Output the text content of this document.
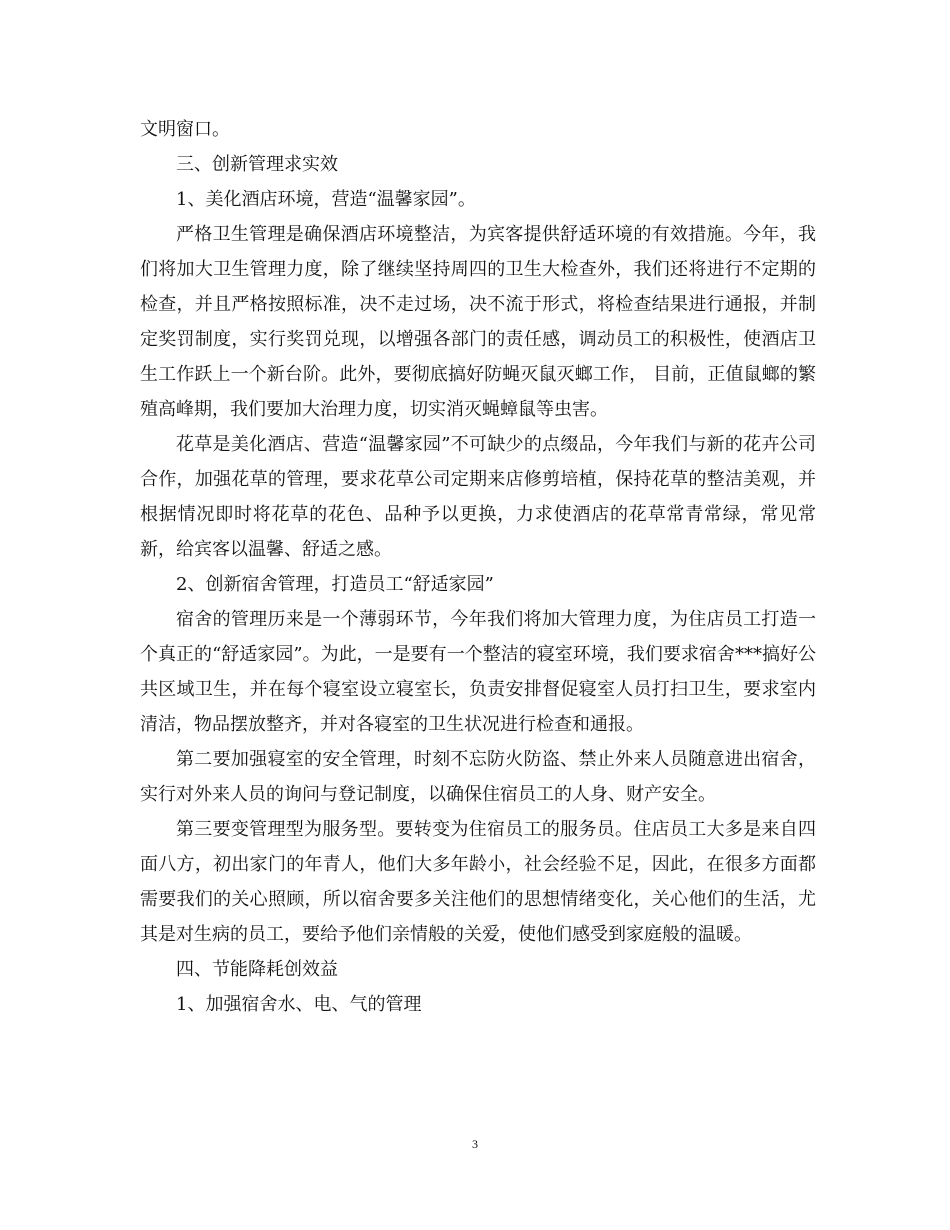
文明窗口。

三、创新管理求实效

1、美化酒店环境，营造“温馨家园”。

严格卫生管理是确保酒店环境整洁，为宾客提供舒适环境的有效措施。今年，我们将加大卫生管理力度，除了继续坚持周四的卫生大检查外，我们还将进行不定期的检查，并且严格按照标准，决不走过场，决不流于形式，将检查结果进行通报，并制定奖罚制度，实行奖罚兑现，以增强各部门的责任感，调动员工的积极性，使酒店卫生工作跃上一个新台阶。此外，要彻底搞好防蝇灭鼠灭螂工作， 目前，正值鼠螂的繁殖高峰期，我们要加大治理力度，切实消灭蝇蟑鼠等虫害。

花草是美化酒店、营造“温馨家园”不可缺少的点缀品，今年我们与新的花卉公司合作，加强花草的管理，要求花草公司定期来店修剪培植，保持花草的整洁美观，并根据情况即时将花草的花色、品种予以更换，力求使酒店的花草常青常绿，常见常新，给宾客以温馨、舒适之感。

2、创新宿舍管理，打造员工“舒适家园”

宿舍的管理历来是一个薄弱环节，今年我们将加大管理力度，为住店员工打造一个真正的“舒适家园”。为此，一是要有一个整洁的寝室环境，我们要求宿舍***搞好公共区域卫生，并在每个寝室设立寝室长，负责安排督促寝室人员打扫卫生，要求室内清洁，物品摆放整齐，并对各寝室的卫生状况进行检查和通报。

第二要加强寝室的安全管理，时刻不忘防火防盗、禁止外来人员随意进出宿舍，实行对外来人员的询问与登记制度，以确保住宿员工的人身、财产安全。

第三要变管理型为服务型。要转变为住宿员工的服务员。住店员工大多是来自四面八方，初出家门的年青人，他们大多年龄小，社会经验不足，因此，在很多方面都需要我们的关心照顾，所以宿舍要多关注他们的思想情绪变化，关心他们的生活，尤其是对生病的员工，要给予他们亲情般的关爱，使他们感受到家庭般的温暖。

四、节能降耗创效益

1、加强宿舍水、电、气的管理

3
